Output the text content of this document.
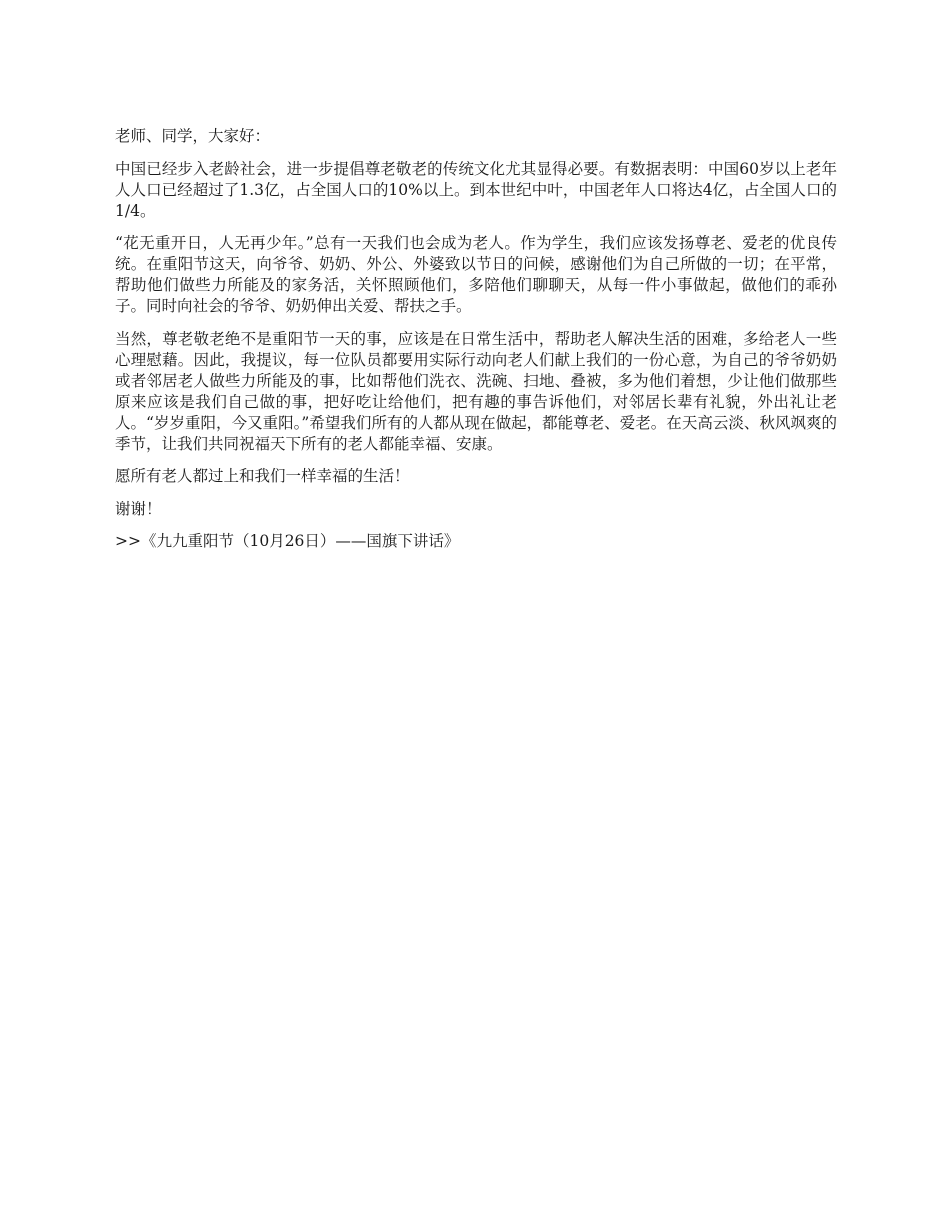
老师、同学，大家好：

中国已经步入老龄社会，进一步提倡尊老敬老的传统文化尤其显得必要。有数据表明：中国60岁以上老年人人口已经超过了1.3亿，占全国人口的10%以上。到本世纪中叶，中国老年人口将达4亿，占全国人口的1/4。

“花无重开日，人无再少年。”总有一天我们也会成为老人。作为学生，我们应该发扬尊老、爱老的优良传统。在重阳节这天，向爷爷、奶奶、外公、外婆致以节日的问候，感谢他们为自己所做的一切；在平常，帮助他们做些力所能及的家务活，关怀照顾他们，多陪他们聊聊天，从每一件小事做起，做他们的乖孙子。同时向社会的爷爷、奶奶伸出关爱、帮扶之手。

当然，尊老敬老绝不是重阳节一天的事，应该是在日常生活中，帮助老人解决生活的困难，多给老人一些心理慰藉。因此，我提议，每一位队员都要用实际行动向老人们献上我们的一份心意，为自己的爷爷奶奶或者邻居老人做些力所能及的事，比如帮他们洗衣、洗碗、扫地、叠被，多为他们着想，少让他们做那些原来应该是我们自己做的事，把好吃让给他们，把有趣的事告诉他们，对邻居长辈有礼貌，外出礼让老人。“岁岁重阳，今又重阳。”希望我们所有的人都从现在做起，都能尊老、爱老。在天高云淡、秋风飒爽的季节，让我们共同祝福天下所有的老人都能幸福、安康。

愿所有老人都过上和我们一样幸福的生活！

谢谢！

>>《九九重阳节（10月26日）——国旗下讲话》
